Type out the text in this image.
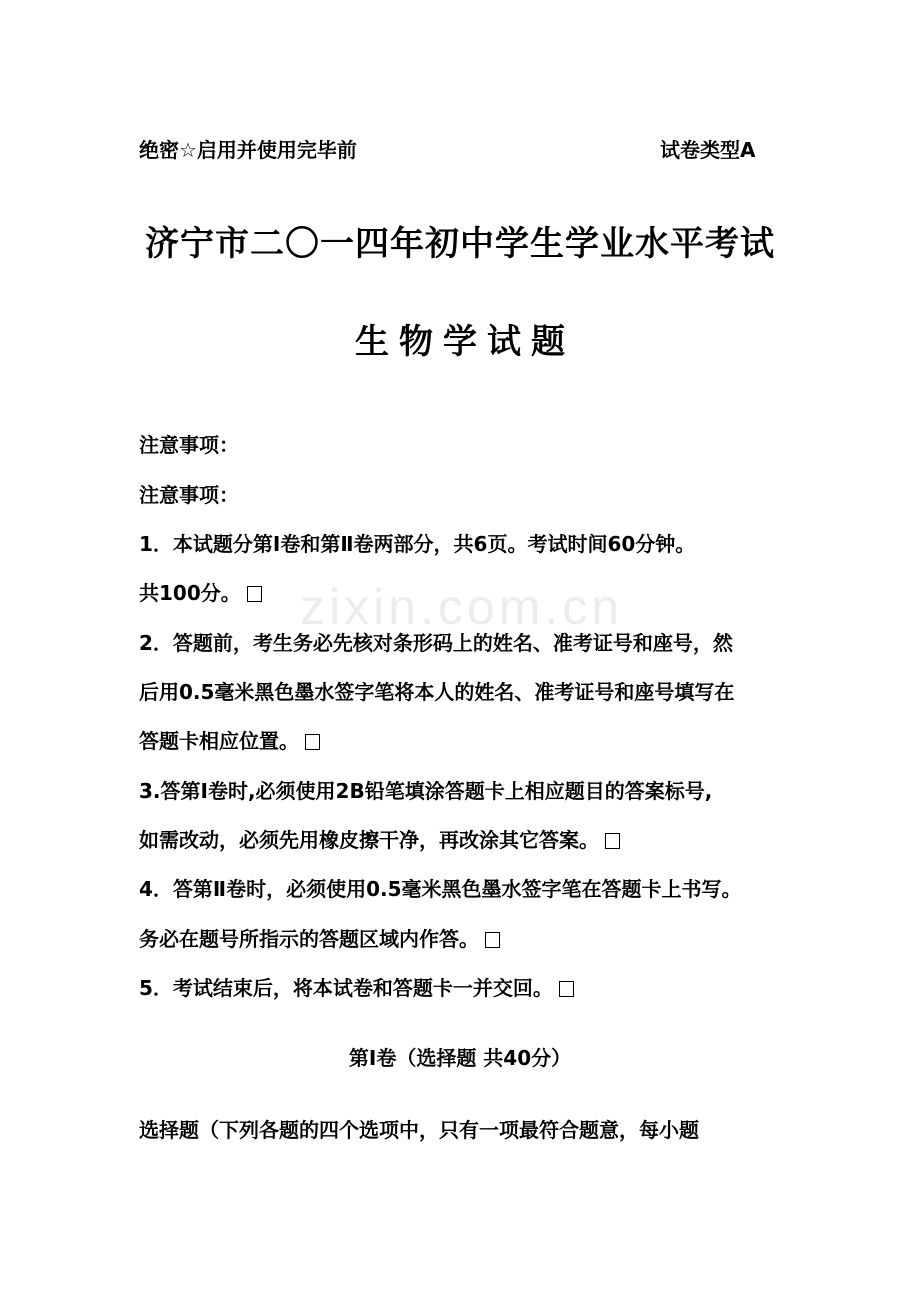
zixin.com.cn
绝密☆启用并使用完毕前	试卷类型A
济宁市二〇一四年初中学生学业水平考试
生物学试题
注意事项：
注意事项：
1．本试题分第Ⅰ卷和第Ⅱ卷两部分，共6页。考试时间60分钟。
共100分。
2．答题前，考生务必先核对条形码上的姓名、准考证号和座号，然
后用0.5毫米黑色墨水签字笔将本人的姓名、准考证号和座号填写在
答题卡相应位置。
3.答第Ⅰ卷时,必须使用2B铅笔填涂答题卡上相应题目的答案标号,
如需改动，必须先用橡皮擦干净，再改涂其它答案。
4．答第Ⅱ卷时，必须使用0.5毫米黑色墨水签字笔在答题卡上书写。
务必在题号所指示的答题区域内作答。
5．考试结束后，将本试卷和答题卡一并交回。
第Ⅰ卷（选择题 共40分）
选择题（下列各题的四个选项中，只有一项最符合题意，每小题
